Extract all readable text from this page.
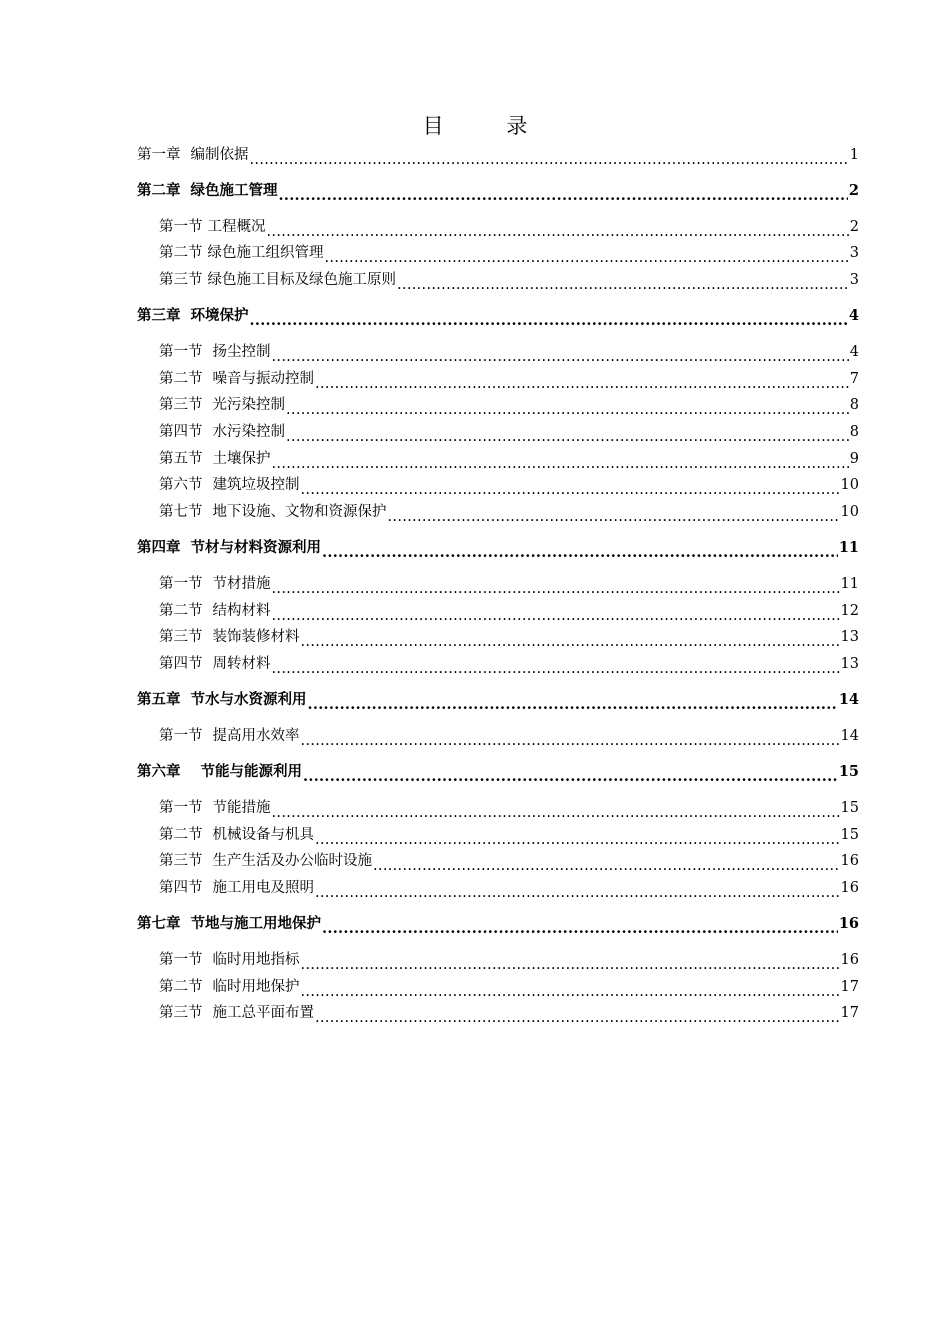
目 录
第一章 编制依据 .....	1
第二章 绿色施工管理 .....	2
第一节 工程概况 .....	2
第二节 绿色施工组织管理 .....	3
第三节 绿色施工目标及绿色施工原则 .....	3
第三章 环境保护 .....	4
第一节 扬尘控制 .....	4
第二节 噪音与振动控制 .....	7
第三节 光污染控制 .....	8
第四节 水污染控制 .....	8
第五节 土壤保护 .....	9
第六节 建筑垃圾控制 .....	10
第七节 地下设施、文物和资源保护 .....	10
第四章 节材与材料资源利用 .....	11
第一节 节材措施 .....	11
第二节 结构材料 .....	12
第三节 装饰装修材料 .....	13
第四节 周转材料 .....	13
第五章 节水与水资源利用 .....	14
第一节 提高用水效率 .....	14
第六章 节能与能源利用 .....	15
第一节 节能措施 .....	15
第二节 机械设备与机具 .....	15
第三节 生产生活及办公临时设施 .....	16
第四节 施工用电及照明 .....	16
第七章 节地与施工用地保护 .....	16
第一节 临时用地指标 .....	16
第二节 临时用地保护 .....	17
第三节 施工总平面布置 .....	17
